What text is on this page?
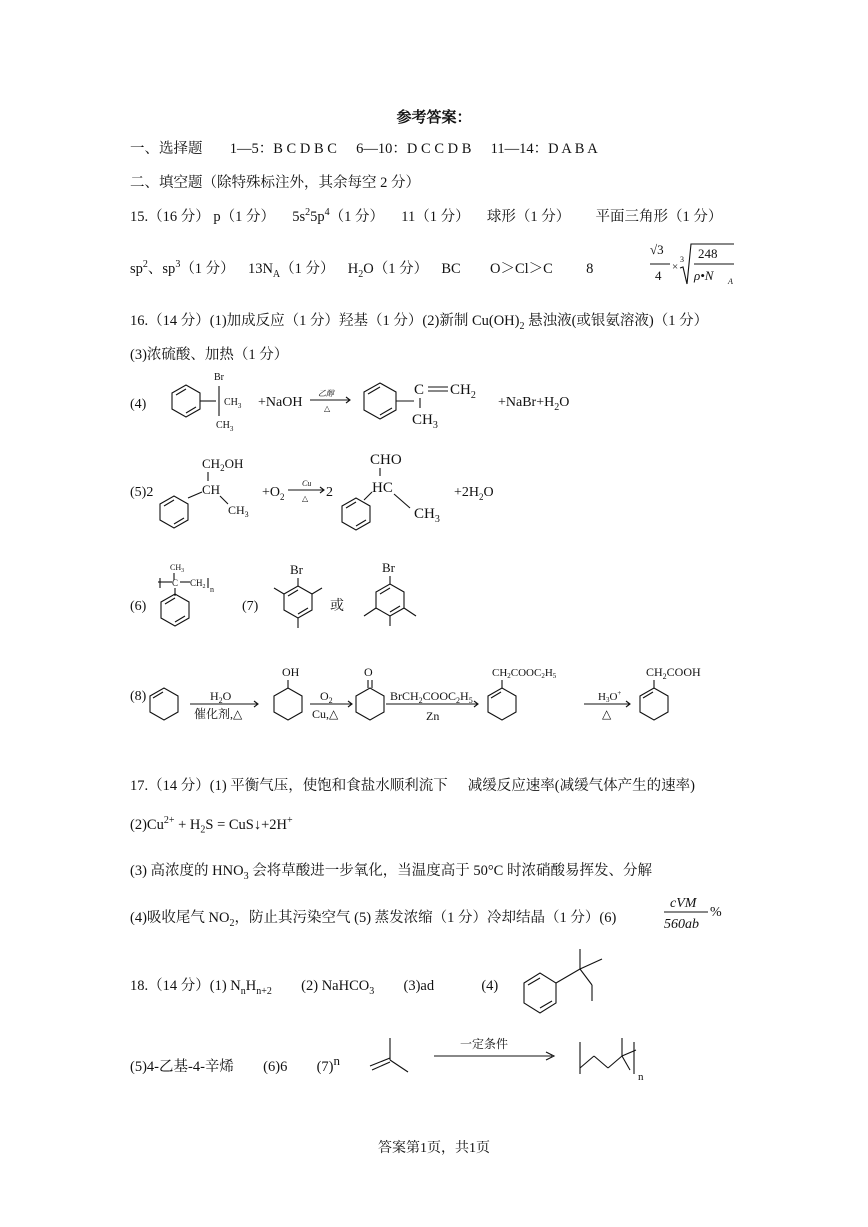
参考答案：
一、选择题 1—5：B C D B C 6—10：D C C D B 11—14：D A B A
二、填空题（除特殊标注外，其余每空 2 分）
15.（16 分） p（1 分） $5s^25p^4(1$ 分） 11（1 分） 球形（1 分） 平面三角形（1 分）
$sp^2$、$sp^3(1$ 分） $13N_A(1$ 分） $H_2O(1$ 分） BC O＞Cl＞C 8
√3
4
×
3 248
ρ•N A
16.（14 分）(1)加成反应（1 分）羟基（1 分）(2)新制 $Cu(OH)_2$ 悬浊液(或银氨溶液)（1 分）
(3)浓硫酸、加热（1 分）
(4)
Br
$CH_3$
$CH_3$
+NaOH
乙醇
△
C $CH_2$
$CH_3$
$+NaBr+H_2O$
(5)2
$CH_2OH$
CH
$CH_3$
$+O_2$
Cu
△ 2
CHO
HC
$CH_3$
$+2H_2O$
(6)
$CH_3$
C $CH_2$ n
(7)
Br
或
Br
(8)	$H_2O$
催化剂,△
OH
$O_2$
Cu,△
O
$BrCH_2COOC_2H_5$
Zn
CH2COOC2H5
H3O+
△
$CH_2COOH$
17.（14 分）(1) 平衡气压，使饱和食盐水顺利流下 减缓反应速率(减缓气体产生的速率)
$(2)Cu^{2+} + H_2S$ = CuS↓+2H+
(3) 高浓度的 $HNO_3$ 会将草酸进一步氧化，当温度高于 50°C 时浓硝酸易挥发、分解
(4)吸收尾气 $NO_2$，防止其污染空气 (5) 蒸发浓缩（1 分）冷却结晶（1 分）(6)
cVM
560ab
%
18.（14 分）(1) $N_nH_{n+2}$ (2) NaHCO$_3$ (3)ad	(4)
(5)4-乙基-4-辛烯 (6)6 $(7)^n$
一定条件
n
答案第1页，共1页
